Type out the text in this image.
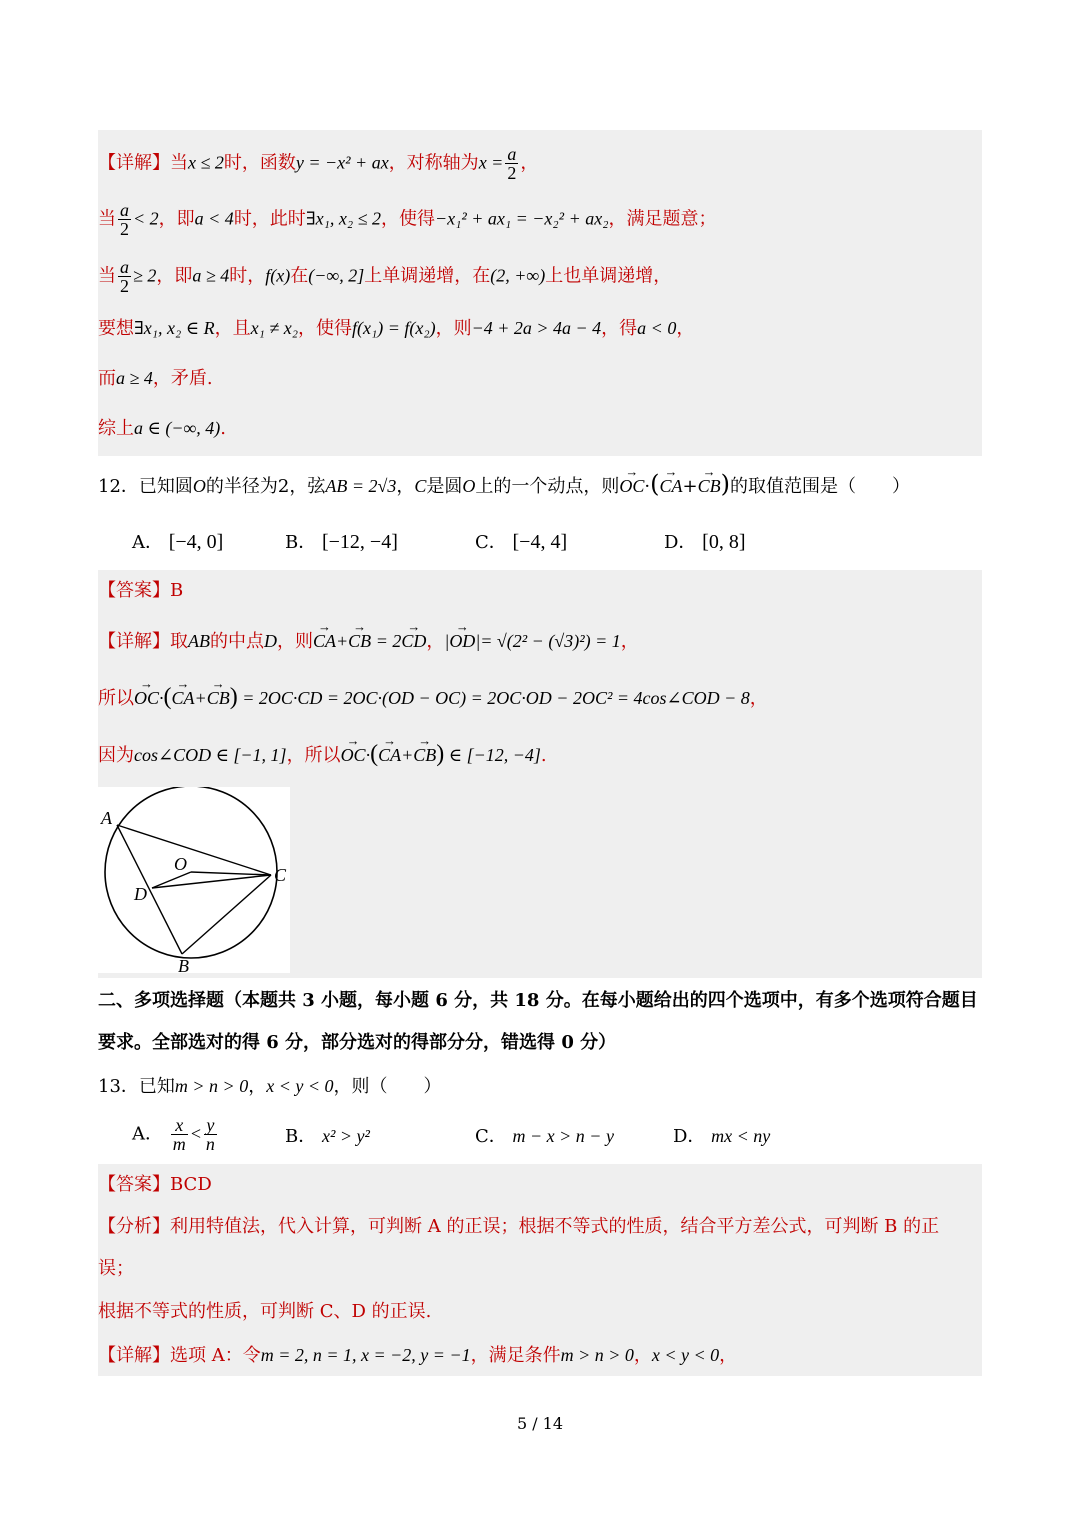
【详解】当x ≤ 2时，函数y = −x² + ax，对称轴为$x = \frac{a}{2}$ ，
当 $\frac{a}{2} < 2$，即a < 4时，此时∃x₁, x₂ ≤ 2，使得−x₁² + ax₁ = −x₂² + ax₂，满足题意；
当 $\frac{a}{2} \ge 2$，即a ≥ 4时，f(x)在(−∞, 2]上单调递增，在(2, +∞)上也单调递增，
要想∃x₁, x₂ ∈ R，且x₁ ≠ x₂，使得f(x₁) = f(x₂)，则−4 + 2a > 4a − 4，得a < 0，
而a ≥ 4，矛盾.
综上a ∈ (−∞, 4).
12．已知圆O的半径为2，弦AB = 2√3，C是圆O上的一个动点，则→ OC·(→ CA+→ CB)的取值范围是（　　）
A． [−4, 0]	B． [−12, −4]	C． [−4, 4]	D． [0, 8]
【答案】B
【详解】取AB的中点D，则→ CA+→ CB = 2→ CD，|→ OD|= √(2² − (√3)²) = 1，
所以→ OC·(→ CA+→ CB) = 2OC·CD = 2OC·(OD − OC) = 2OC·OD − 2OC² = 4cos∠COD − 8，
因为cos∠COD ∈ [−1, 1]，所以→ OC·(→ CA+→ CB) ∈ [−12, −4].
A
O
C
D
B
二、多项选择题（本题共 3 小题，每小题 6 分，共 18 分。在每小题给出的四个选项中，有多个选项符合题目要求。全部选对的得 6 分，部分选对的得部分分，错选得 0 分）
13．已知m > n > 0，x < y < 0，则（　　）
A． $\frac{x}{m} < \frac{y}{n}$	B． x² > y²	C． m − x > n − y	D． mx < ny
【答案】BCD
【分析】利用特值法，代入计算，可判断 A 的正误；根据不等式的性质，结合平方差公式，可判断 B 的正
误；
根据不等式的性质，可判断 C、D 的正误.
【详解】选项 A：令m = 2, n = 1, x = −2, y = −1，满足条件m > n > 0，x < y < 0，
5 / 14
